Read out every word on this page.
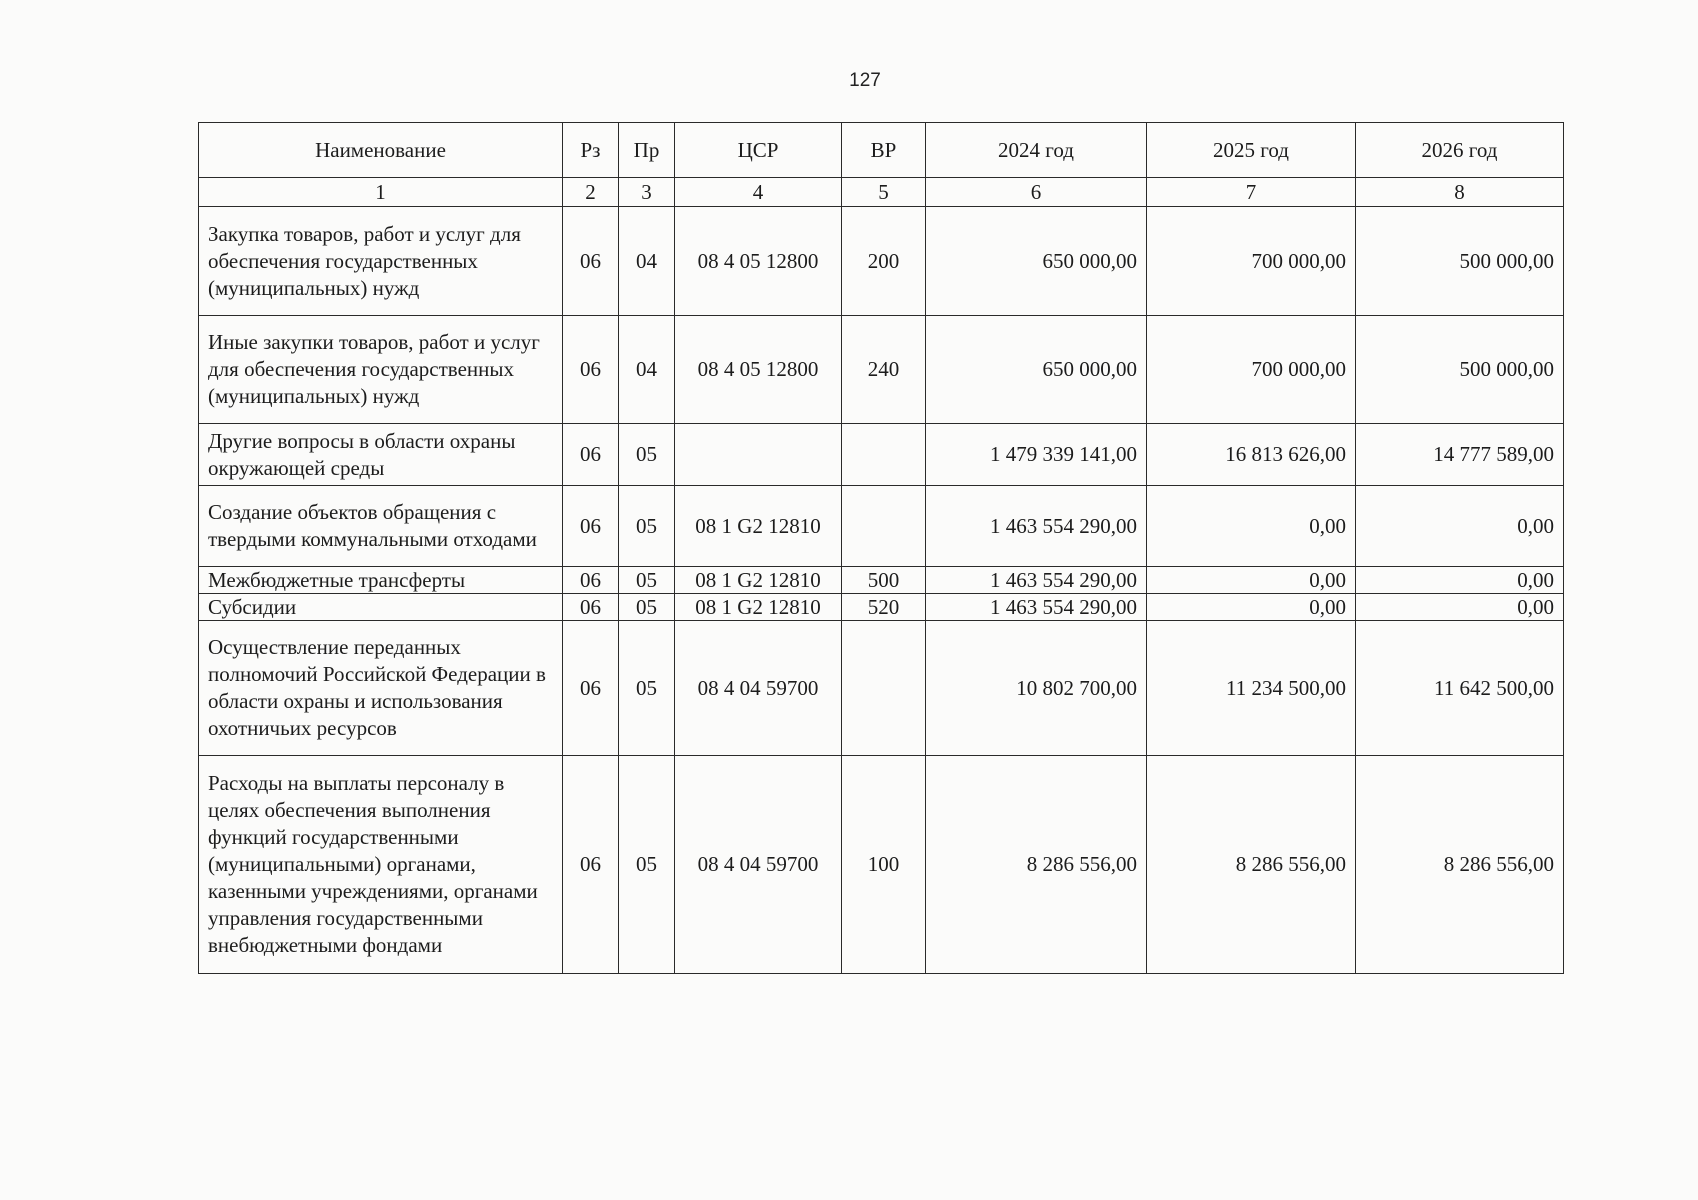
127
Наименование	Рз	Пр	ЦСР	ВР	2024 год	2025 год	2026 год
1	2	3	4	5	6	7	8
Закупка товаров, работ и услуг для обеспечения государственных (муниципальных) нужд	06	04	08 4 05 12800	200	650 000,00	700 000,00	500 000,00
Иные закупки товаров, работ и услуг для обеспечения государственных (муниципальных) нужд	06	04	08 4 05 12800	240	650 000,00	700 000,00	500 000,00
Другие вопросы в области охраны окружающей среды	06	05			1 479 339 141,00	16 813 626,00	14 777 589,00
Создание объектов обращения с твердыми коммунальными отходами	06	05	08 1 G2 12810		1 463 554 290,00	0,00	0,00
Межбюджетные трансферты	06	05	08 1 G2 12810	500	1 463 554 290,00	0,00	0,00
Субсидии	06	05	08 1 G2 12810	520	1 463 554 290,00	0,00	0,00
Осуществление переданных полномочий Российской Федерации в области охраны и использования охотничьих ресурсов	06	05	08 4 04 59700		10 802 700,00	11 234 500,00	11 642 500,00
Расходы на выплаты персоналу в целях обеспечения выполнения функций государственными (муниципальными) органами, казенными учреждениями, органами управления государственными внебюджетными фондами	06	05	08 4 04 59700	100	8 286 556,00	8 286 556,00	8 286 556,00
